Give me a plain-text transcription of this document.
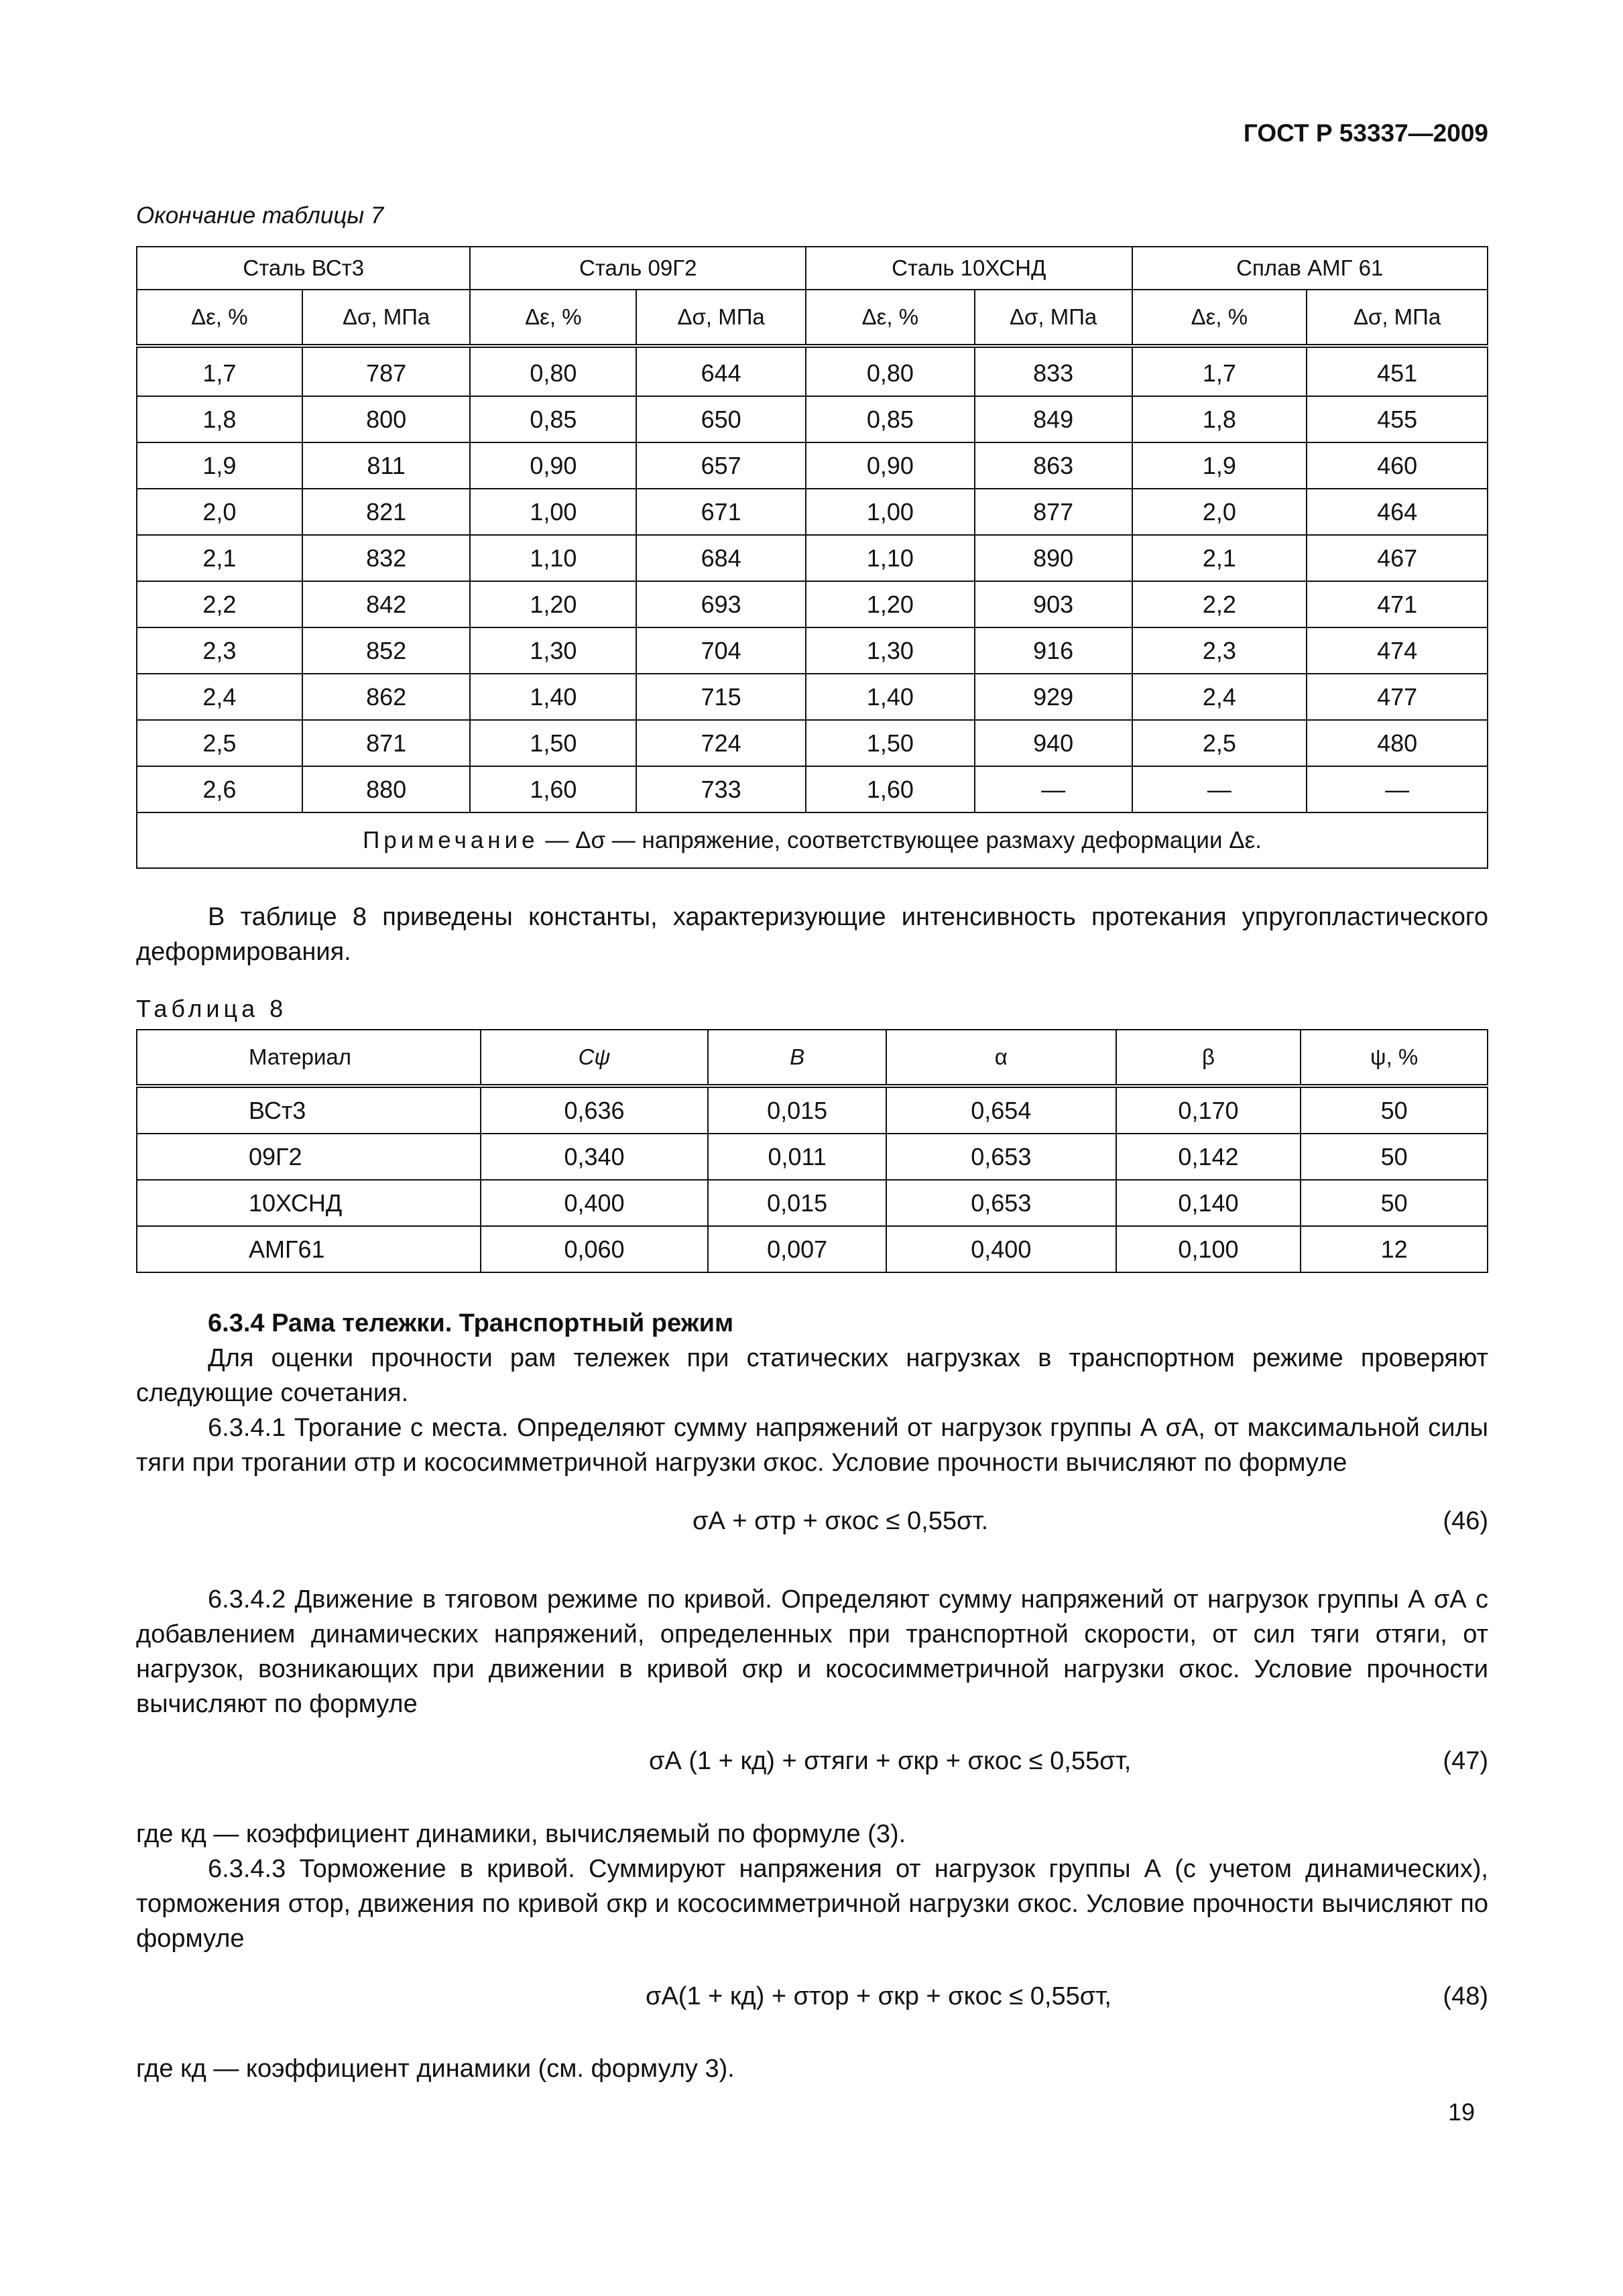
ГОСТ Р 53337—2009
Окончание таблицы 7
Сталь ВСт3		Сталь 09Г2		Сталь 10ХСНД		Сплав АМГ 61	
Δε, %	Δσ, МПа	Δε, %	Δσ, МПа	Δε, %	Δσ, МПа	Δε, %	Δσ, МПа
1,7	787	0,80	644	0,80	833	1,7	451
1,8	800	0,85	650	0,85	849	1,8	455
1,9	811	0,90	657	0,90	863	1,9	460
2,0	821	1,00	671	1,00	877	2,0	464
2,1	832	1,10	684	1,10	890	2,1	467
2,2	842	1,20	693	1,20	903	2,2	471
2,3	852	1,30	704	1,30	916	2,3	474
2,4	862	1,40	715	1,40	929	2,4	477
2,5	871	1,50	724	1,50	940	2,5	480
2,6	880	1,60	733	1,60	—	—	—
Примечание — Δσ — напряжение, соответствующее размаху деформации Δε.							

В таблице 8 приведены константы, характеризующие интенсивность протекания упругопластического деформирования.

Таблица 8
Материал	Cψ	B	α	β	ψ, %
ВСт3	0,636	0,015	0,654	0,170	50
09Г2	0,340	0,011	0,653	0,142	50
10ХСНД	0,400	0,015	0,653	0,140	50
АМГ61	0,060	0,007	0,400	0,100	12

6.3.4 Рама тележки. Транспортный режим

Для оценки прочности рам тележек при статических нагрузках в транспортном режиме проверяют следующие сочетания.

6.3.4.1 Трогание с места. Определяют сумму напряжений от нагрузок группы А σА, от максимальной силы тяги при трогании σтр и кососимметричной нагрузки σкос. Условие прочности вычисляют по формуле

σА + σтр + σкос ≤ 0,55σт.	(46)

6.3.4.2 Движение в тяговом режиме по кривой. Определяют сумму напряжений от нагрузок группы А σА с добавлением динамических напряжений, определенных при транспортной скорости, от сил тяги σтяги, от нагрузок, возникающих при движении в кривой σкр и кососимметричной нагрузки σкос. Условие прочности вычисляют по формуле

σА (1 + кд) + σтяги + σкр + σкос ≤ 0,55σт,	(47)

где кд — коэффициент динамики, вычисляемый по формуле (3).

6.3.4.3 Торможение в кривой. Суммируют напряжения от нагрузок группы А (с учетом динамических), торможения σтор, движения по кривой σкр и кососимметричной нагрузки σкос. Условие прочности вычисляют по формуле

σА(1 + кд) + σтор + σкр + σкос ≤ 0,55σт,	(48)

где кд — коэффициент динамики (см. формулу 3).

19
